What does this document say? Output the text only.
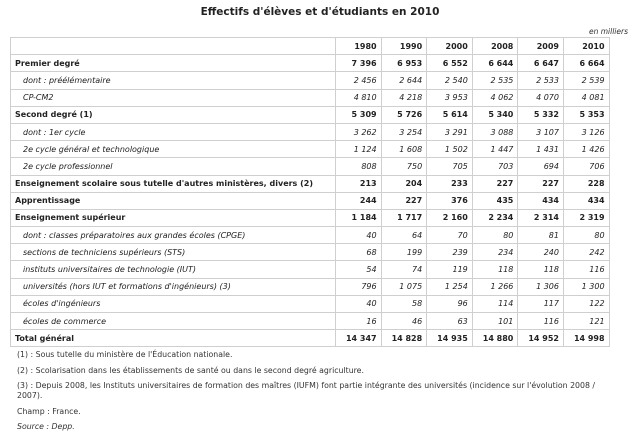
Effectifs d'élèves et d'étudiants en 2010
en milliers
	1980	1990	2000	2008	2009	2010
Premier degré	7 396	6 953	6 552	6 644	6 647	6 664
dont : préélémentaire	2 456	2 644	2 540	2 535	2 533	2 539
CP-CM2	4 810	4 218	3 953	4 062	4 070	4 081
Second degré (1)	5 309	5 726	5 614	5 340	5 332	5 353
dont : 1er cycle	3 262	3 254	3 291	3 088	3 107	3 126
2e cycle général et technologique	1 124	1 608	1 502	1 447	1 431	1 426
2e cycle professionnel	808	750	705	703	694	706
Enseignement scolaire sous tutelle d'autres ministères, divers (2)	213	204	233	227	227	228
Apprentissage	244	227	376	435	434	434
Enseignement supérieur	1 184	1 717	2 160	2 234	2 314	2 319
dont : classes préparatoires aux grandes écoles (CPGE)	40	64	70	80	81	80
sections de techniciens supérieurs (STS)	68	199	239	234	240	242
instituts universitaires de technologie (IUT)	54	74	119	118	118	116
universités (hors IUT et formations d'ingénieurs) (3)	796	1 075	1 254	1 266	1 306	1 300
écoles d'ingénieurs	40	58	96	114	117	122
écoles de commerce	16	46	63	101	116	121
Total général	14 347	14 828	14 935	14 880	14 952	14 998

(1) : Sous tutelle du ministère de l'Éducation nationale.

(2) : Scolarisation dans les établissements de santé ou dans le second degré agriculture.

(3) : Depuis 2008, les Instituts universitaires de formation des maîtres (IUFM) font partie intégrante des universités (incidence sur l'évolution 2008 / 2007).

Champ : France.

Source : Depp.
